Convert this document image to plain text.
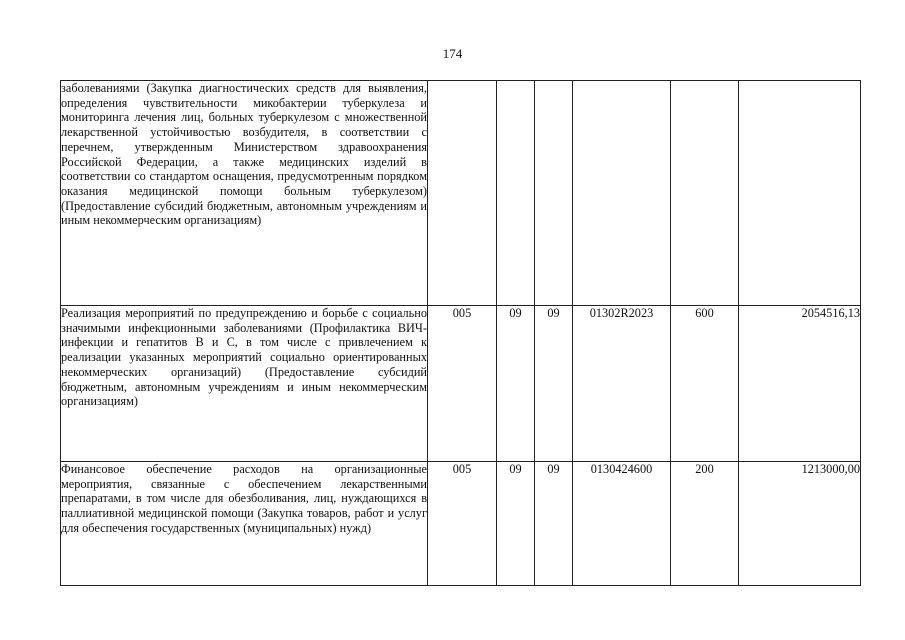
174
заболеваниями (Закупка диагностических средств для выявления, определения чувствительности микобактерии туберкулеза и мониторинга лечения лиц, больных туберкулезом с множественной лекарственной устойчивостью возбудителя, в соответствии с перечнем, утвержденным Министерством здравоохранения Российской Федерации, а также медицинских изделий в соответствии со стандартом оснащения, предусмотренным порядком оказания медицинской помощи больным туберкулезом) (Предоставление субсидий бюджетным, автономным учреждениям и иным некоммерческим организациям)						
Реализация мероприятий по предупреждению и борьбе с социально значимыми инфекционными заболеваниями (Профилактика ВИЧ-инфекции и гепатитов B и C, в том числе с привлечением к реализации указанных мероприятий социально ориентированных некоммерческих организаций) (Предоставление субсидий бюджетным, автономным учреждениям и иным некоммерческим организациям)	005	09	09	01302R2023	600	2054516,13
Финансовое обеспечение расходов на организационные мероприятия, связанные с обеспечением лекарственными препаратами, в том числе для обезболивания, лиц, нуждающихся в паллиативной медицинской помощи (Закупка товаров, работ и услуг для обеспечения государственных (муниципальных) нужд)	005	09	09	0130424600	200	1213000,00
